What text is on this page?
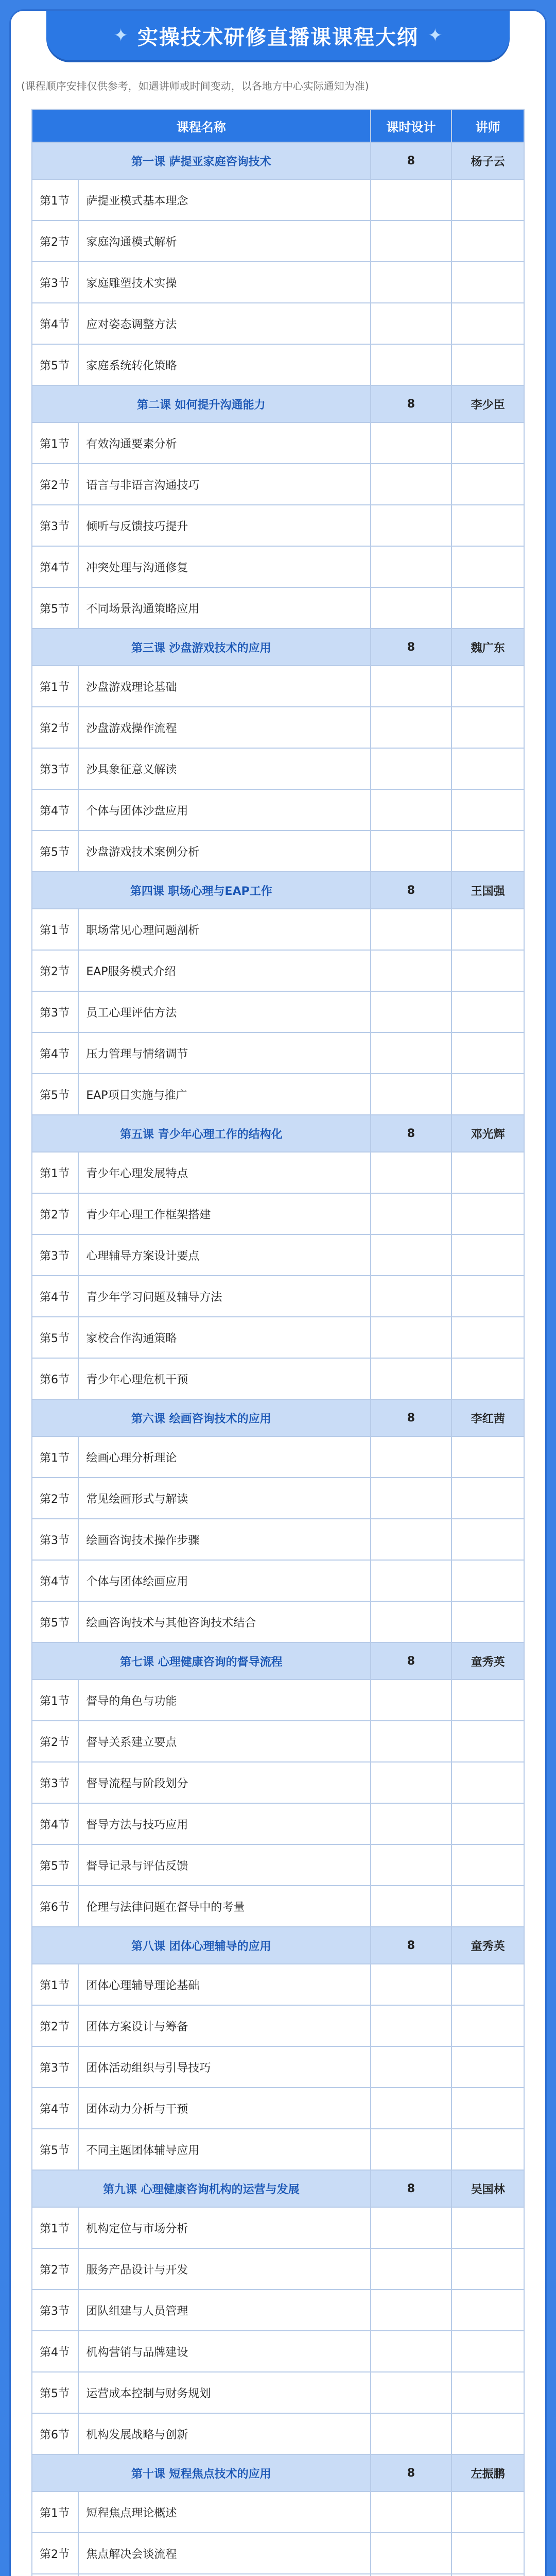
✦ 实操技术研修直播课课程大纲 ✦
(课程顺序安排仅供参考，如遇讲师或时间变动，以各地方中心实际通知为准)
课程名称		课时设计	讲师
第一课 萨提亚家庭咨询技术		8	杨子云
第1节	萨提亚模式基本理念		
第2节	家庭沟通模式解析		
第3节	家庭雕塑技术实操		
第4节	应对姿态调整方法		
第5节	家庭系统转化策略		
第二课 如何提升沟通能力		8	李少臣
第1节	有效沟通要素分析		
第2节	语言与非语言沟通技巧		
第3节	倾听与反馈技巧提升		
第4节	冲突处理与沟通修复		
第5节	不同场景沟通策略应用		
第三课 沙盘游戏技术的应用		8	魏广东
第1节	沙盘游戏理论基础		
第2节	沙盘游戏操作流程		
第3节	沙具象征意义解读		
第4节	个体与团体沙盘应用		
第5节	沙盘游戏技术案例分析		
第四课 职场心理与EAP工作		8	王国强
第1节	职场常见心理问题剖析		
第2节	EAP服务模式介绍		
第3节	员工心理评估方法		
第4节	压力管理与情绪调节		
第5节	EAP项目实施与推广		
第五课 青少年心理工作的结构化		8	邓光辉
第1节	青少年心理发展特点		
第2节	青少年心理工作框架搭建		
第3节	心理辅导方案设计要点		
第4节	青少年学习问题及辅导方法		
第5节	家校合作沟通策略		
第6节	青少年心理危机干预		
第六课 绘画咨询技术的应用		8	李红茜
第1节	绘画心理分析理论		
第2节	常见绘画形式与解读		
第3节	绘画咨询技术操作步骤		
第4节	个体与团体绘画应用		
第5节	绘画咨询技术与其他咨询技术结合		
第七课 心理健康咨询的督导流程		8	童秀英
第1节	督导的角色与功能		
第2节	督导关系建立要点		
第3节	督导流程与阶段划分		
第4节	督导方法与技巧应用		
第5节	督导记录与评估反馈		
第6节	伦理与法律问题在督导中的考量		
第八课 团体心理辅导的应用		8	童秀英
第1节	团体心理辅导理论基础		
第2节	团体方案设计与筹备		
第3节	团体活动组织与引导技巧		
第4节	团体动力分析与干预		
第5节	不同主题团体辅导应用		
第九课 心理健康咨询机构的运营与发展		8	吴国林
第1节	机构定位与市场分析		
第2节	服务产品设计与开发		
第3节	团队组建与人员管理		
第4节	机构营销与品牌建设		
第5节	运营成本控制与财务规划		
第6节	机构发展战略与创新		
第十课 短程焦点技术的应用		8	左振鹏
第1节	短程焦点理论概述		
第2节	焦点解决会谈流程		
